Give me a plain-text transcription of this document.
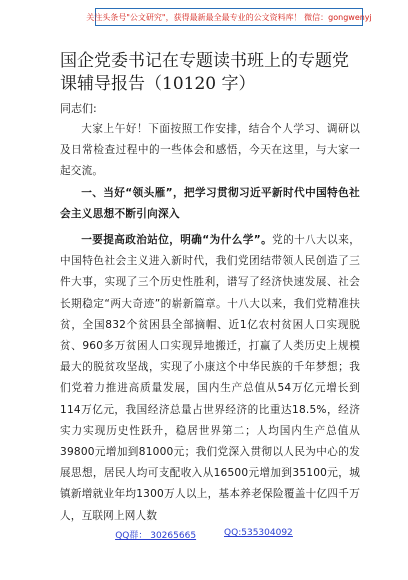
关注头条号"公文研究"，获得最新最全最专业的公文资料库！ 微信：gongwenyj
国企党委书记在专题读书班上的专题党课辅导报告（10120 字）
同志们:

大家上午好！下面按照工作安排，结合个人学习、调研以及日常检查过程中的一些体会和感悟，今天在这里，与大家一起交流。

一、当好“领头雁”，把学习贯彻习近平新时代中国特色社会主义思想不断引向深入

一要提高政治站位，明确“为什么学”。党的十八大以来，中国特色社会主义进入新时代，我们党团结带领人民创造了三件大事，实现了三个历史性胜利，谱写了经济快速发展、社会长期稳定“两大奇迹”的崭新篇章。十八大以来，我们党精准扶贫，全国832个贫困县全部摘帽、近1亿农村贫困人口实现脱贫、960多万贫困人口实现异地搬迁，打赢了人类历史上规模最大的脱贫攻坚战，实现了小康这个中华民族的千年梦想；我们党着力推进高质量发展，国内生产总值从54万亿元增长到114万亿元，我国经济总量占世界经济的比重达18.5%，经济实力实现历史性跃升，稳居世界第二；人均国内生产总值从39800元增加到81000元；我们党深入贯彻以人民为中心的发展思想，居民人均可支配收入从16500元增加到35100元，城镇新增就业年均1300万人以上，基本养老保险覆盖十亿四千万人，互联网上网人数

QQ群： 30265665	QQ:535304092
